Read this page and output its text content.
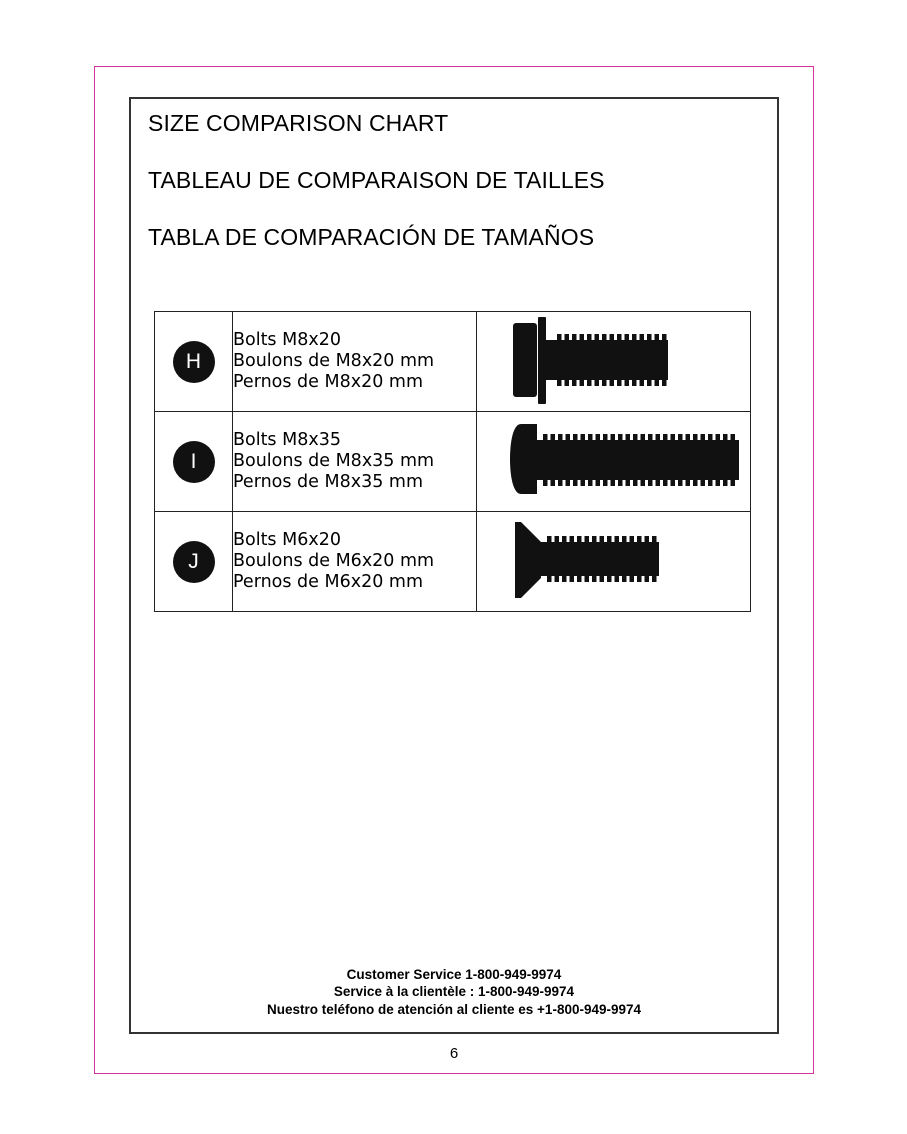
SIZE COMPARISON CHART
TABLEAU DE COMPARAISON DE TAILLES
TABLA DE COMPARACIÓN DE TAMAÑOS
H	Bolts M8x20
Boulons de M8x20 mm
Pernos de M8x20 mm

I	Bolts M8x35
Boulons de M8x35 mm
Pernos de M8x35 mm

J	Bolts M6x20
Boulons de M6x20 mm
Pernos de M6x20 mm

Customer Service 1-800-949-9974
Service à la clientèle : 1-800-949-9974
Nuestro teléfono de atención al cliente es +1-800-949-9974
6
